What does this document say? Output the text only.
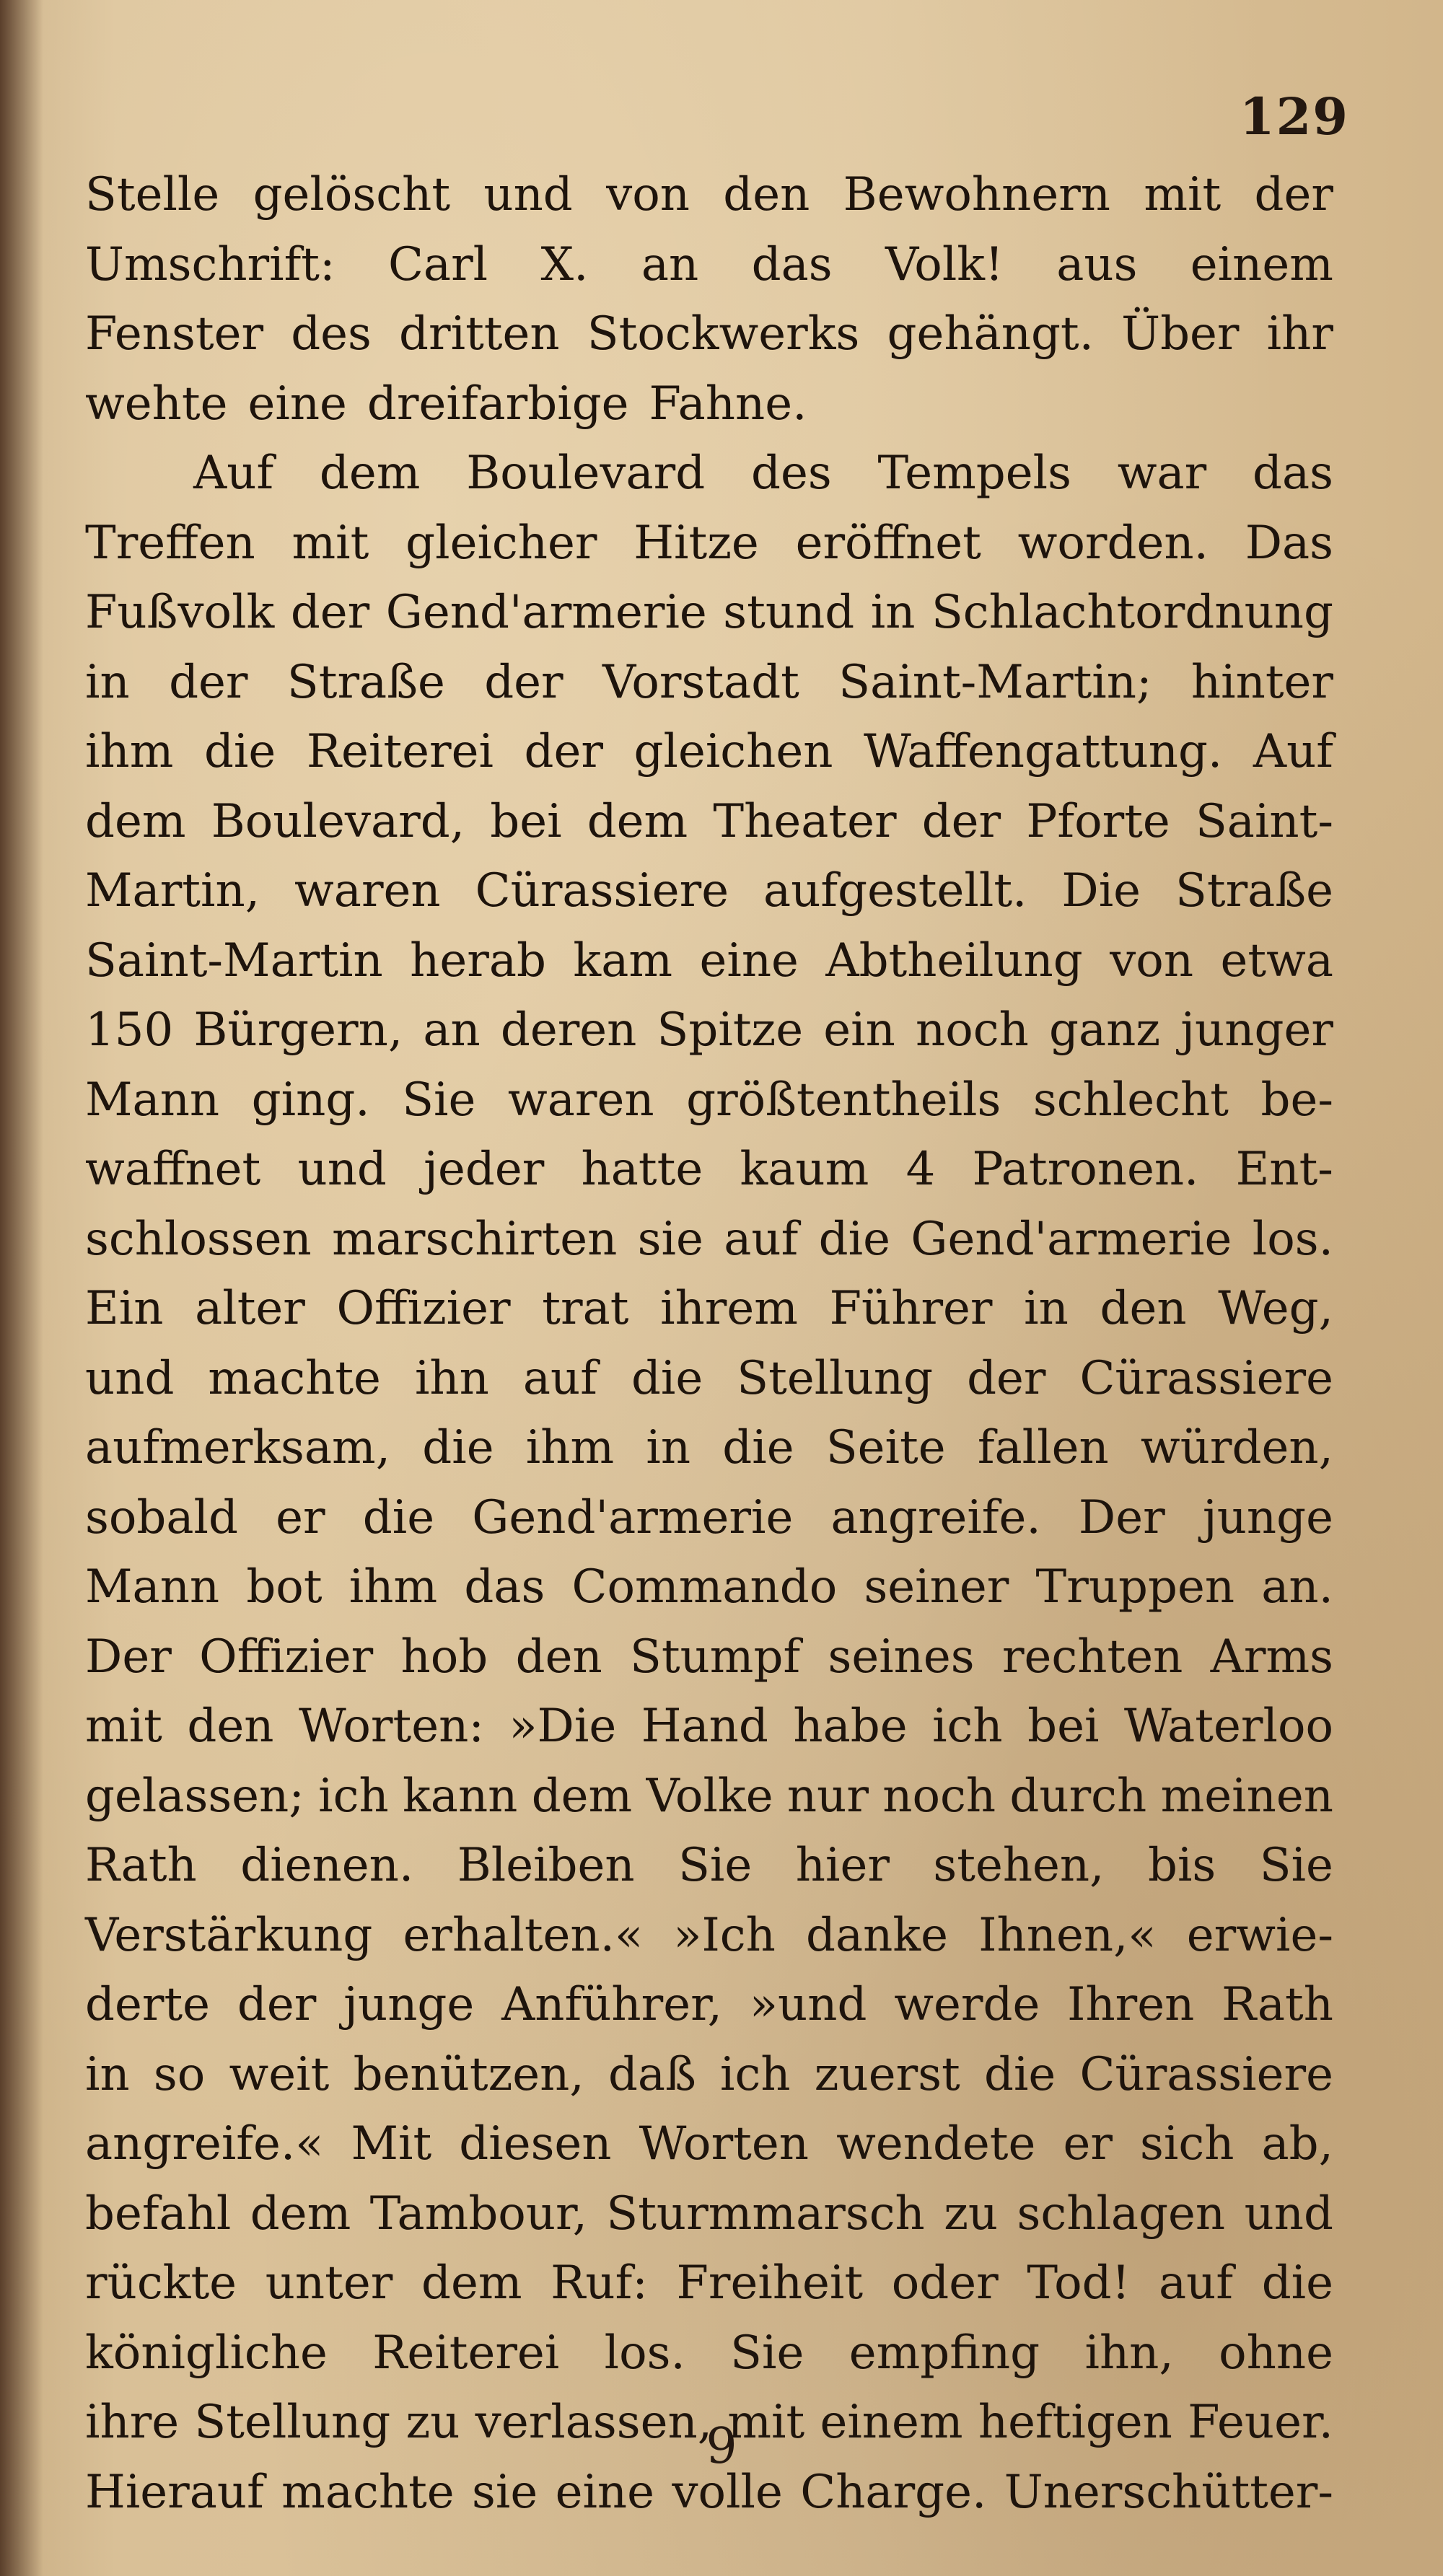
129
Stelle gelöscht und von den Bewohnern mit der
Umschrift: Carl X. an das Volk! aus einem
Fenster des dritten Stockwerks gehängt. Über ihr
wehte eine dreifarbige Fahne.
Auf dem Boulevard des Tempels war das
Treffen mit gleicher Hitze eröffnet worden. Das
Fußvolk der Gend'armerie stund in Schlachtordnung
in der Straße der Vorstadt Saint-Martin; hinter
ihm die Reiterei der gleichen Waffengattung. Auf
dem Boulevard, bei dem Theater der Pforte Saint-
Martin, waren Cürassiere aufgestellt. Die Straße
Saint-Martin herab kam eine Abtheilung von etwa
150 Bürgern, an deren Spitze ein noch ganz junger
Mann ging. Sie waren größtentheils schlecht be-
waffnet und jeder hatte kaum 4 Patronen. Ent-
schlossen marschirten sie auf die Gend'armerie los.
Ein alter Offizier trat ihrem Führer in den Weg,
und machte ihn auf die Stellung der Cürassiere
aufmerksam, die ihm in die Seite fallen würden,
sobald er die Gend'armerie angreife. Der junge
Mann bot ihm das Commando seiner Truppen an.
Der Offizier hob den Stumpf seines rechten Arms
mit den Worten: »Die Hand habe ich bei Waterloo
gelassen; ich kann dem Volke nur noch durch meinen
Rath dienen. Bleiben Sie hier stehen, bis Sie
Verstärkung erhalten.« »Ich danke Ihnen,« erwie-
derte der junge Anführer, »und werde Ihren Rath
in so weit benützen, daß ich zuerst die Cürassiere
angreife.« Mit diesen Worten wendete er sich ab,
befahl dem Tambour, Sturmmarsch zu schlagen und
rückte unter dem Ruf: Freiheit oder Tod! auf die
königliche Reiterei los. Sie empfing ihn, ohne
ihre Stellung zu verlassen, mit einem heftigen Feuer.
Hierauf machte sie eine volle Charge. Unerschütter-
9
